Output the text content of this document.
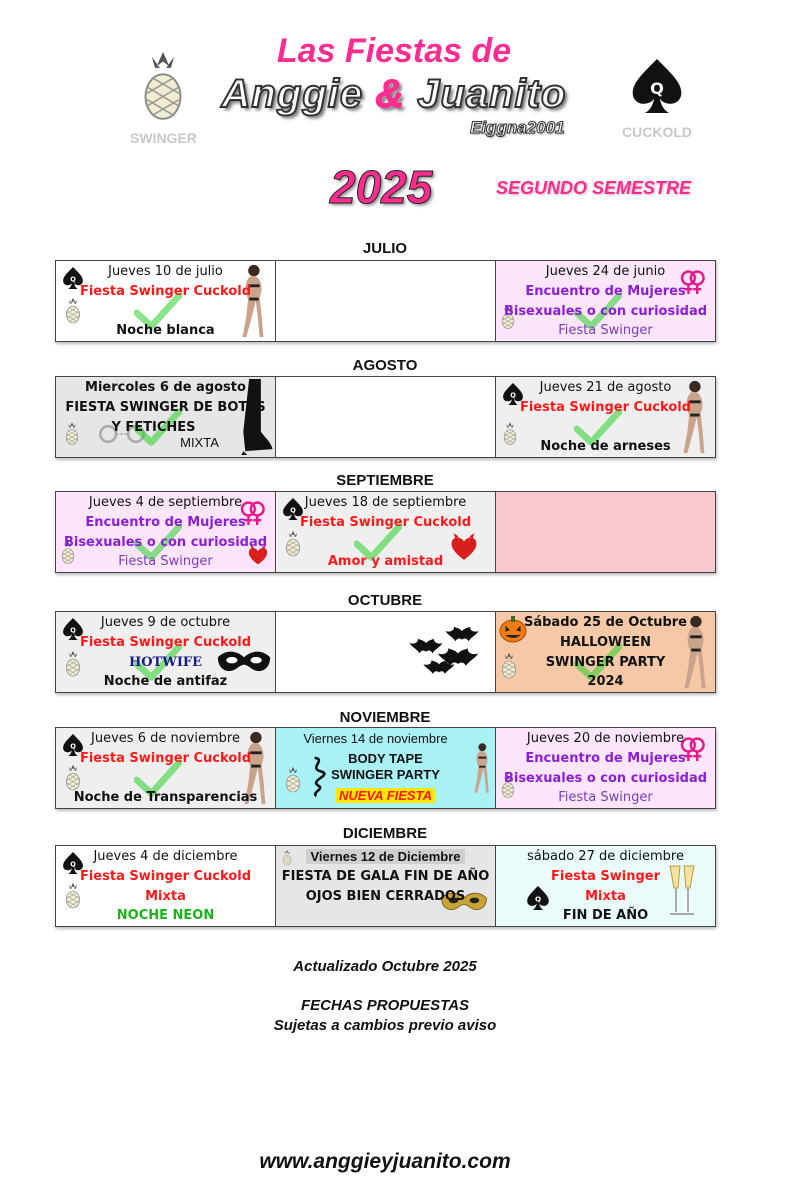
SWINGER	CUCKOLD
Las Fiestas de
Anggie & Juanito
Eiggna2001
2025	SEGUNDO SEMESTRE
JULIO
Jueves 10 de julio
Fiesta Swinger Cuckold
Noche blanca
Jueves 24 de junio
Encuentro de Mujeres
Bisexuales o con curiosidad
Fiesta Swinger
AGOSTO
Miercoles 6 de agosto
FIESTA SWINGER DE BOTAS
Y FETICHES
MIXTA
Jueves 21 de agosto
Fiesta Swinger Cuckold
Noche de arneses
SEPTIEMBRE
Jueves 4 de septiembre
Encuentro de Mujeres
Bisexuales o con curiosidad
Fiesta Swinger
Jueves 18 de septiembre
Fiesta Swinger Cuckold
Amor y amistad
OCTUBRE
Jueves 9 de octubre
Fiesta Swinger Cuckold
HOTWIFE
Noche de antifaz
Sábado 25 de Octubre
HALLOWEEN
SWINGER PARTY
2024
NOVIEMBRE
Jueves 6 de noviembre
Fiesta Swinger Cuckold
Noche de Transparencias
Viernes 14 de noviembre
BODY TAPE
SWINGER PARTY
NUEVA FIESTA
Jueves 20 de noviembre
Encuentro de Mujeres
Bisexuales o con curiosidad
Fiesta Swinger
DICIEMBRE
Jueves 4 de diciembre
Fiesta Swinger Cuckold
Mixta
NOCHE NEON
Viernes 12 de Diciembre
FIESTA DE GALA FIN DE AÑO
OJOS BIEN CERRADOS
sábado 27 de diciembre
Fiesta Swinger
Mixta
FIN DE AÑO
Actualizado Octubre 2025
FECHAS PROPUESTAS
Sujetas a cambios previo aviso
www.anggieyjuanito.com
